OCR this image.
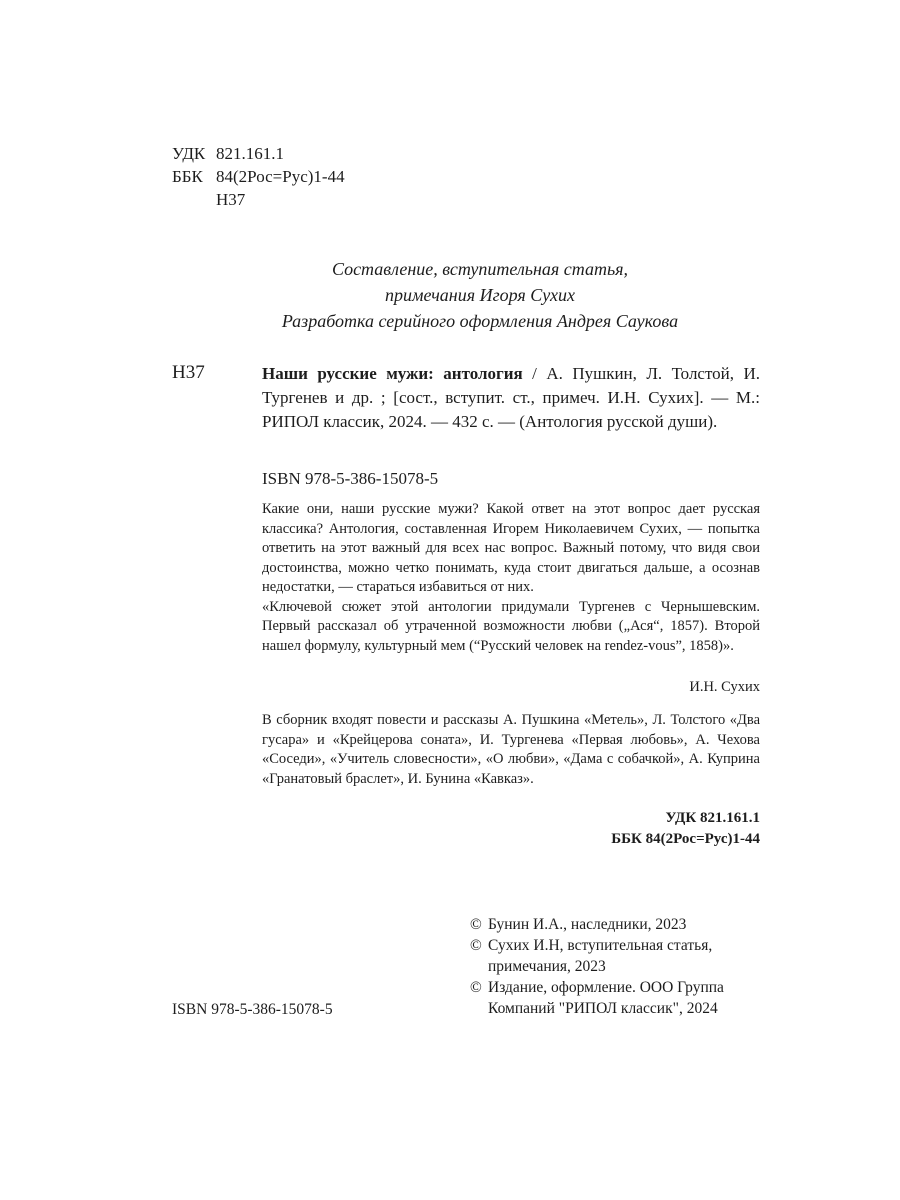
УДК 821.161.1
ББК 84(2Рос=Рус)1-44
Н37
Составление, вступительная статья,
примечания Игоря Сухих
Разработка серийного оформления Андрея Саукова
Н37	Наши русские мужи: антология / А. Пушкин, Л. Толстой, И. Тургенев и др. ; [сост., вступит. ст., примеч. И.Н. Сухих]. — М.: РИПОЛ классик, 2024. — 432 с. — (Антология русской души).
ISBN 978-5-386-15078-5

Какие они, наши русские мужи? Какой ответ на этот вопрос дает русская классика? Антология, составленная Игорем Николаевичем Сухих, — попытка ответить на этот важный для всех нас вопрос. Важный потому, что видя свои достоинства, можно четко понимать, куда стоит двигаться дальше, а осознав недостатки, — стараться избавиться от них.

«Ключевой сюжет этой антологии придумали Тургенев с Чернышевским. Первый рассказал об утраченной возможности любви („Ася“, 1857). Второй нашел формулу, культурный мем (“Русский человек на rendez-vous”, 1858)».

И.Н. Сухих

В сборник входят повести и рассказы А. Пушкина «Метель», Л. Толстого «Два гусара» и «Крейцерова соната», И. Тургенева «Первая любовь», А. Чехова «Соседи», «Учитель словесности», «О любви», «Дама с собачкой», А. Куприна «Гранатовый браслет», И. Бунина «Кавказ».

УДК 821.161.1
ББК 84(2Рос=Рус)1-44
© Бунин И.А., наследники, 2023
© Сухих И.Н, вступительная статья, примечания, 2023
© Издание, оформление. ООО Группа Компаний "РИПОЛ классик", 2024
ISBN 978-5-386-15078-5
